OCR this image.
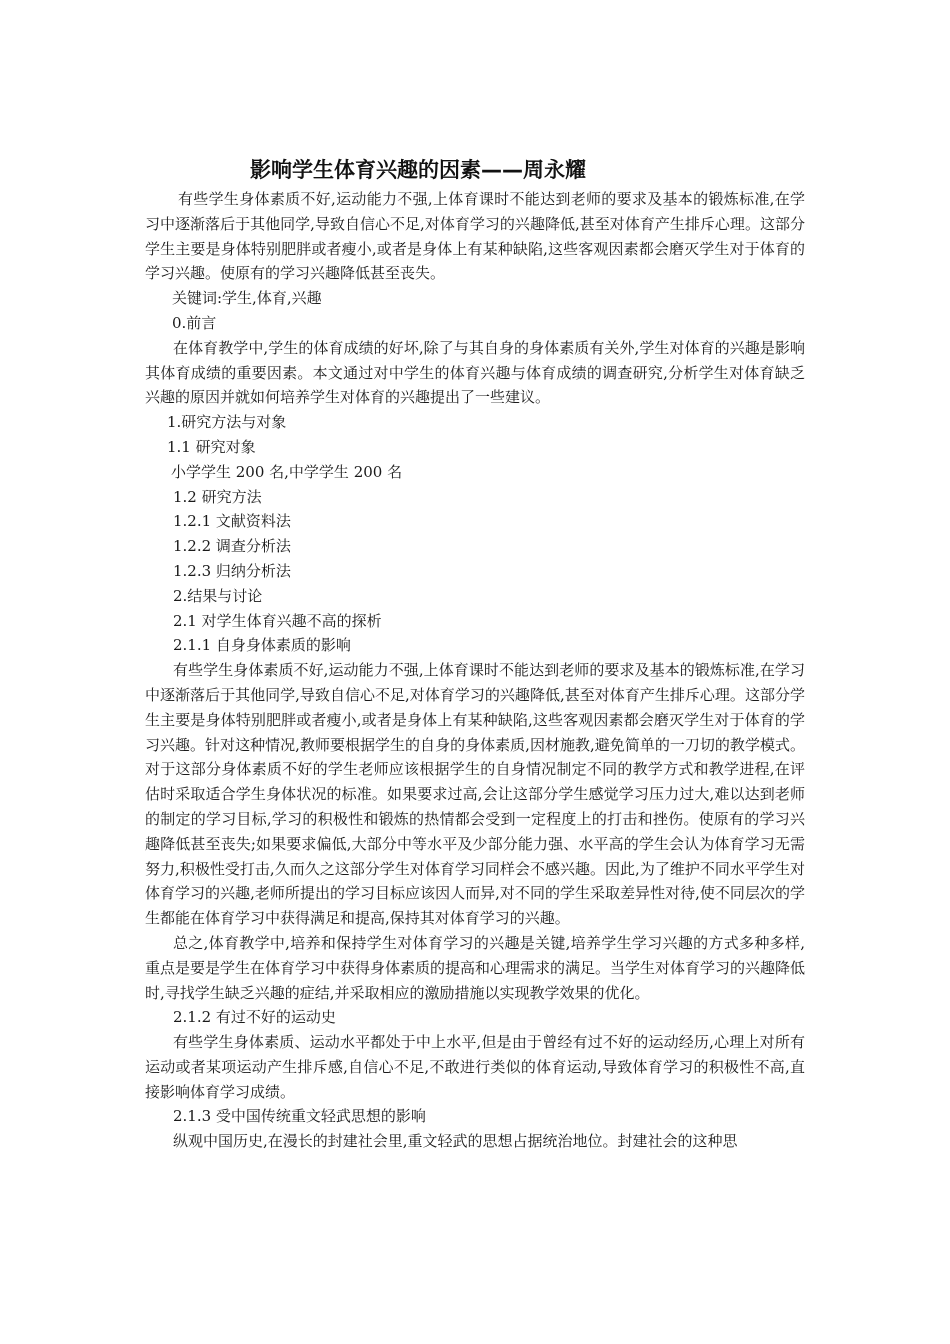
影响学生体育兴趣的因素——周永耀

有些学生身体素质不好,运动能力不强,上体育课时不能达到老师的要求及基本的锻炼标准,在学习中逐渐落后于其他同学,导致自信心不足,对体育学习的兴趣降低,甚至对体育产生排斥心理。这部分学生主要是身体特别肥胖或者瘦小,或者是身体上有某种缺陷,这些客观因素都会磨灭学生对于体育的学习兴趣。使原有的学习兴趣降低甚至丧失。

关键词:学生,体育,兴趣

0.前言

在体育教学中,学生的体育成绩的好坏,除了与其自身的身体素质有关外,学生对体育的兴趣是影响其体育成绩的重要因素。本文通过对中学生的体育兴趣与体育成绩的调查研究,分析学生对体育缺乏兴趣的原因并就如何培养学生对体育的兴趣提出了一些建议。

1.研究方法与对象

1.1 研究对象

小学学生 200 名,中学学生 200 名

1.2 研究方法

1.2.1 文献资料法

1.2.2 调查分析法

1.2.3 归纳分析法

2.结果与讨论

2.1 对学生体育兴趣不高的探析

2.1.1 自身身体素质的影响

有些学生身体素质不好,运动能力不强,上体育课时不能达到老师的要求及基本的锻炼标准,在学习中逐渐落后于其他同学,导致自信心不足,对体育学习的兴趣降低,甚至对体育产生排斥心理。这部分学生主要是身体特别肥胖或者瘦小,或者是身体上有某种缺陷,这些客观因素都会磨灭学生对于体育的学习兴趣。针对这种情况,教师要根据学生的自身的身体素质,因材施教,避免简单的一刀切的教学模式。对于这部分身体素质不好的学生老师应该根据学生的自身情况制定不同的教学方式和教学进程,在评估时采取适合学生身体状况的标准。如果要求过高,会让这部分学生感觉学习压力过大,难以达到老师的制定的学习目标,学习的积极性和锻炼的热情都会受到一定程度上的打击和挫伤。使原有的学习兴趣降低甚至丧失;如果要求偏低,大部分中等水平及少部分能力强、水平高的学生会认为体育学习无需努力,积极性受打击,久而久之这部分学生对体育学习同样会不感兴趣。因此,为了维护不同水平学生对体育学习的兴趣,老师所提出的学习目标应该因人而异,对不同的学生采取差异性对待,使不同层次的学生都能在体育学习中获得满足和提高,保持其对体育学习的兴趣。

总之,体育教学中,培养和保持学生对体育学习的兴趣是关键,培养学生学习兴趣的方式多种多样,重点是要是学生在体育学习中获得身体素质的提高和心理需求的满足。当学生对体育学习的兴趣降低时,寻找学生缺乏兴趣的症结,并采取相应的激励措施以实现教学效果的优化。

2.1.2 有过不好的运动史

有些学生身体素质、运动水平都处于中上水平,但是由于曾经有过不好的运动经历,心理上对所有运动或者某项运动产生排斥感,自信心不足,不敢进行类似的体育运动,导致体育学习的积极性不高,直接影响体育学习成绩。

2.1.3 受中国传统重文轻武思想的影响

纵观中国历史,在漫长的封建社会里,重文轻武的思想占据统治地位。封建社会的这种思
